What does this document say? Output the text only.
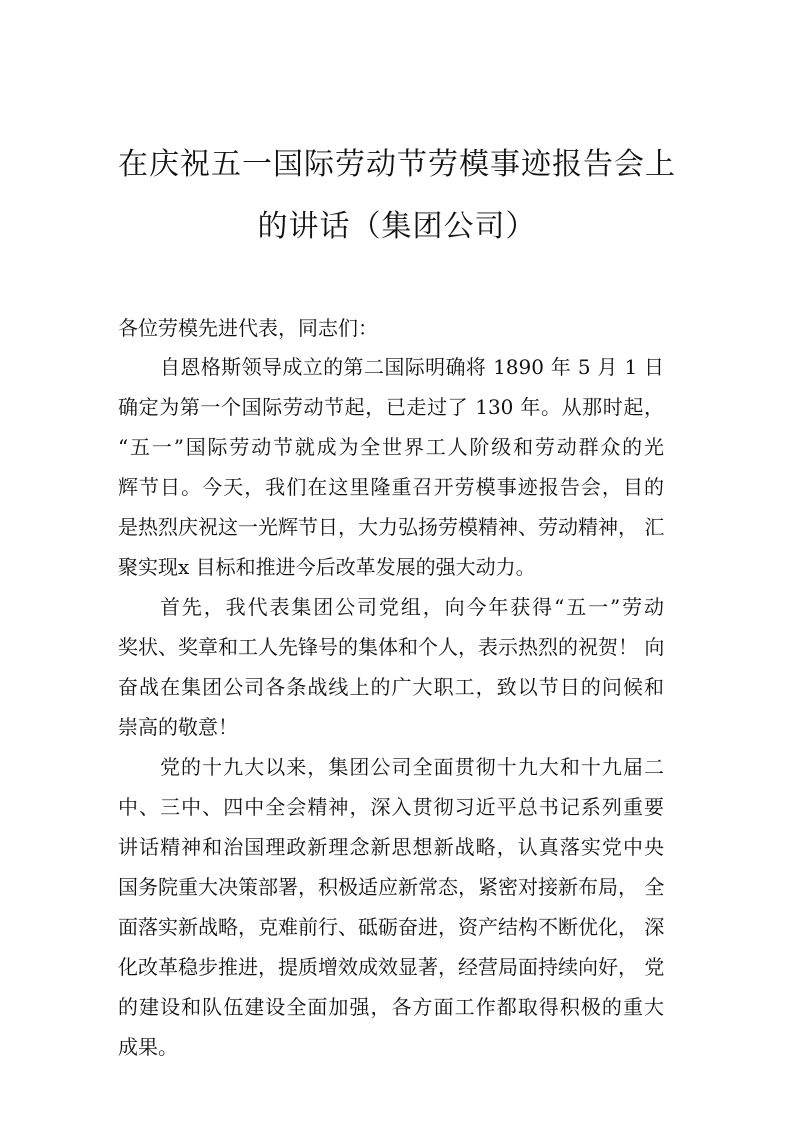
在庆祝五一国际劳动节劳模事迹报告会上
的讲话（集团公司）
各位劳模先进代表，同志们：
自恩格斯领导成立的第二国际明确将 1890 年 5 月 1 日
确定为第一个国际劳动节起，已走过了 130 年。从那时起，
“五一”国际劳动节就成为全世界工人阶级和劳动群众的光
辉节日。今天，我们在这里隆重召开劳模事迹报告会，目的
是热烈庆祝这一光辉节日，大力弘扬劳模精神、劳动精神， 汇
聚实现x 目标和推进今后改革发展的强大动力。
首先，我代表集团公司党组，向今年获得“五一”劳动
奖状、奖章和工人先锋号的集体和个人，表示热烈的祝贺！ 向
奋战在集团公司各条战线上的广大职工，致以节日的问候和
崇高的敬意！
党的十九大以来，集团公司全面贯彻十九大和十九届二
中、三中、四中全会精神，深入贯彻习近平总书记系列重要
讲话精神和治国理政新理念新思想新战略，认真落实党中央
国务院重大决策部署，积极适应新常态，紧密对接新布局， 全
面落实新战略，克难前行、砥砺奋进，资产结构不断优化， 深
化改革稳步推进，提质增效成效显著，经营局面持续向好， 党
的建设和队伍建设全面加强，各方面工作都取得积极的重大
成果。
